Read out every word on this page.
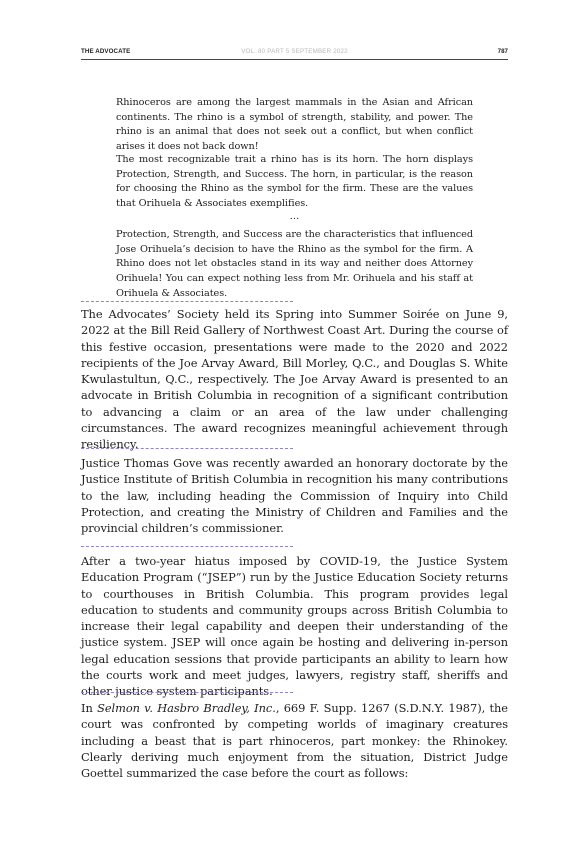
THE ADVOCATE	VOL. 80 PART 5 SEPTEMBER 2022	787
Rhinoceros are among the largest mammals in the Asian and African continents. The rhino is a symbol of strength, stability, and power. The rhino is an animal that does not seek out a conflict, but when conflict arises it does not back down!
The most recognizable trait a rhino has is its horn. The horn displays Protection, Strength, and Success. The horn, in particular, is the reason for choosing the Rhino as the symbol for the firm. These are the values that Orihuela & Associates exemplifies.
…
Protection, Strength, and Success are the characteristics that influenced Jose Orihuela’s decision to have the Rhino as the symbol for the firm. A Rhino does not let obstacles stand in its way and neither does Attorney Orihuela! You can expect nothing less from Mr. Orihuela and his staff at Orihuela & Associates.
The Advocates’ Society held its Spring into Summer Soirée on June 9, 2022 at the Bill Reid Gallery of Northwest Coast Art. During the course of this festive occasion, presentations were made to the 2020 and 2022 recipients of the Joe Arvay Award, Bill Morley, Q.C., and Douglas S. White Kwulastultun, Q.C., respectively. The Joe Arvay Award is presented to an advocate in British Columbia in recognition of a significant contribution to advancing a claim or an area of the law under challenging circumstances. The award recognizes meaningful achievement through resiliency.
Justice Thomas Gove was recently awarded an honorary doctorate by the Justice Institute of British Columbia in recognition his many contributions to the law, including heading the Commission of Inquiry into Child Protection, and creating the Ministry of Children and Families and the provincial children’s commissioner.
After a two-year hiatus imposed by COVID-19, the Justice System Education Program (“JSEP”) run by the Justice Education Society returns to courthouses in British Columbia. This program provides legal education to students and community groups across British Columbia to increase their legal capability and deepen their understanding of the justice system. JSEP will once again be hosting and delivering in-person legal education sessions that provide participants an ability to learn how the courts work and meet judges, lawyers, registry staff, sheriffs and other justice system participants.
In Selmon v. Hasbro Bradley, Inc., 669 F. Supp. 1267 (S.D.N.Y. 1987), the court was confronted by competing worlds of imaginary creatures including a beast that is part rhinoceros, part monkey: the Rhinokey. Clearly deriving much enjoyment from the situation, District Judge Goettel summarized the case before the court as follows:
